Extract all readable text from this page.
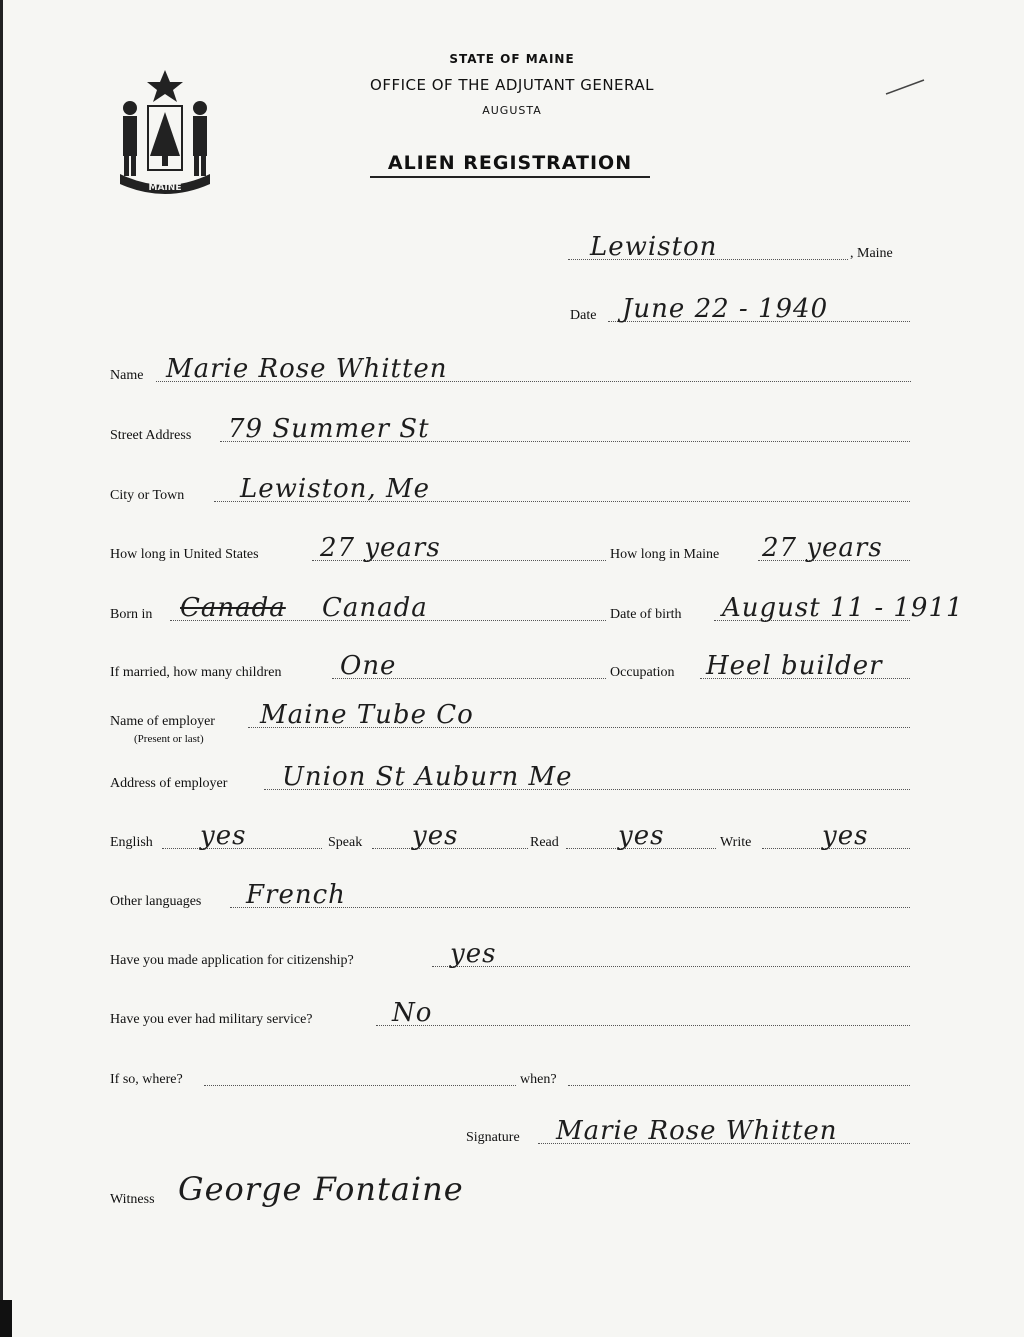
MAINE
STATE OF MAINE
OFFICE OF THE ADJUTANT GENERAL
AUGUSTA
ALIEN REGISTRATION
Lewiston	, Maine
Date June 22 - 1940
Name Marie Rose Whitten
Street Address 79 Summer St
City or Town Lewiston, Me
How long in United States 27 years	How long in Maine 27 years
Born in Canada Canada	Date of birth August 11 - 1911
If married, how many children One	Occupation Heel builder
Name of employer Maine Tube Co
(Present or last)
Address of employer Union St Auburn Me
English yes	Speak yes	Read yes	Write	yes
Other languages French
Have you made application for citizenship?	yes
Have you ever had military service?	No
If so, where?	when?
Signature Marie Rose Whitten
Witness George Fontaine
